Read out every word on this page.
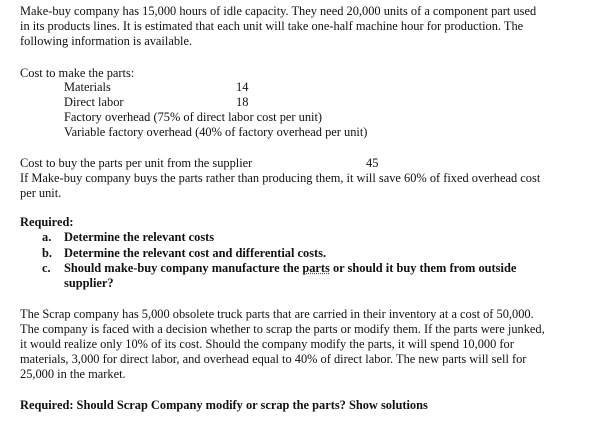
Make-buy company has 15,000 hours of idle capacity. They need 20,000 units of a component part used
in its products lines. It is estimated that each unit will take one-half machine hour for production. The
following information is available.
Cost to make the parts:
Materials	14
Direct labor	18
Factory overhead (75% of direct labor cost per unit)
Variable factory overhead (40% of factory overhead per unit)
Cost to buy the parts per unit from the supplier	45
If Make-buy company buys the parts rather than producing them, it will save 60% of fixed overhead cost
per unit.
Required:
a. Determine the relevant costs
b. Determine the relevant cost and differential costs.
c. Should make-buy company manufacture the parts or should it buy them from outside
supplier?
The Scrap company has 5,000 obsolete truck parts that are carried in their inventory at a cost of 50,000.
The company is faced with a decision whether to scrap the parts or modify them. If the parts were junked,
it would realize only 10% of its cost. Should the company modify the parts, it will spend 10,000 for
materials, 3,000 for direct labor, and overhead equal to 40% of direct labor. The new parts will sell for
25,000 in the market.
Required: Should Scrap Company modify or scrap the parts? Show solutions
